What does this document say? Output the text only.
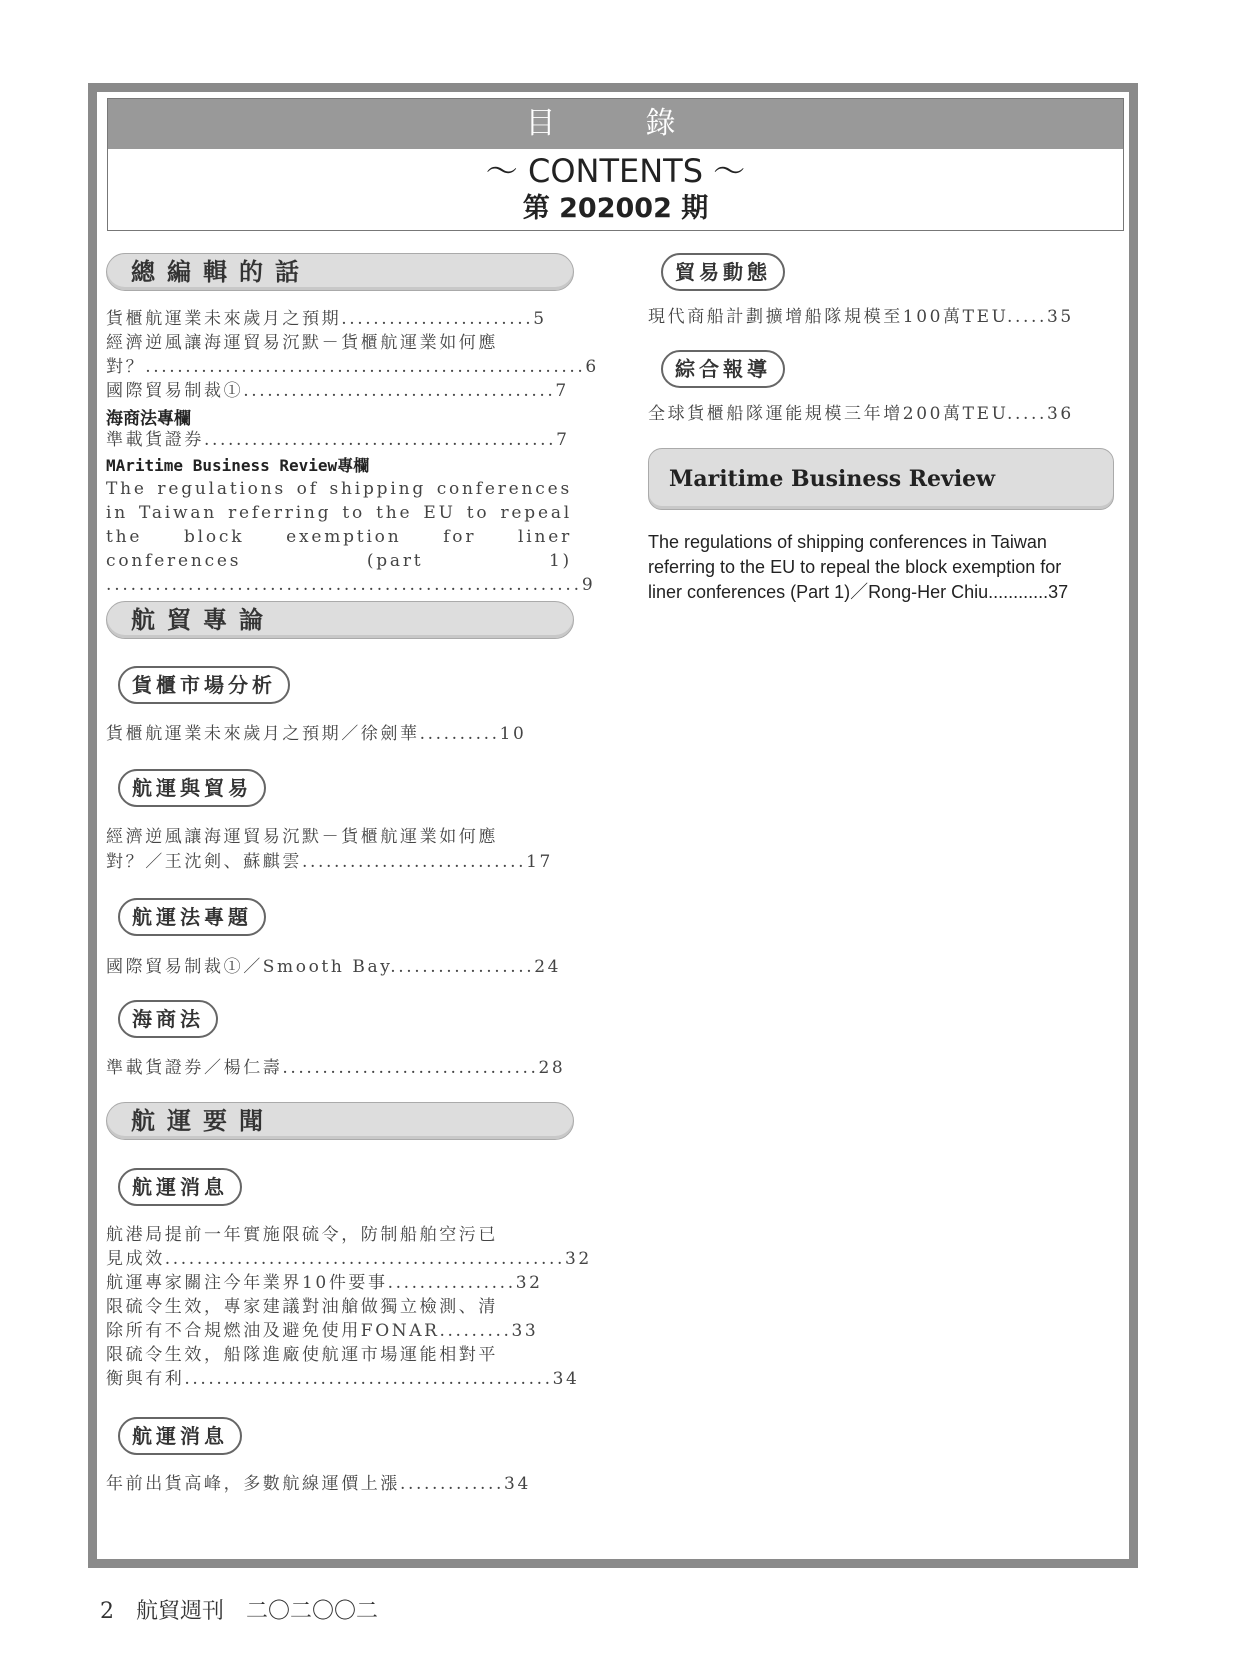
目　錄
～ CONTENTS ～
第 202002 期
總編輯的話
貨櫃航運業未來歲月之預期........................5
經濟逆風讓海運貿易沉默－貨櫃航運業如何應
對？.......................................................6
國際貿易制裁①.......................................7
海商法專欄
準載貨證券............................................7
MAritime Business Review專欄
The regulations of shipping conferences in Taiwan referring to the EU to repeal the block exemption for liner conferences (part 1) ..........................................................9
航貿專論
貨櫃市場分析
貨櫃航運業未來歲月之預期／徐劍華..........10
航運與貿易
經濟逆風讓海運貿易沉默－貨櫃航運業如何應
對？／王沈剣、蘇麒雲............................17
航運法專題
國際貿易制裁①／Smooth Bay..................24
海商法
準載貨證券／楊仁壽................................28
航運要聞
航運消息
航港局提前一年實施限硫令，防制船舶空污已
見成效..................................................32
航運專家關注今年業界10件要事................32
限硫令生效，專家建議對油艙做獨立檢測、清
除所有不合規燃油及避免使用FONAR.........33
限硫令生效，船隊進廠使航運市場運能相對平
衡與有利..............................................34
航運消息
年前出貨高峰，多數航線運價上漲.............34
貿易動態
現代商船計劃擴增船隊規模至100萬TEU.....35
綜合報導
全球貨櫃船隊運能規模三年增200萬TEU.....36
Maritime Business Review
The regulations of shipping conferences in Taiwan
referring to the EU to repeal the block exemption for
liner conferences (Part 1)／Rong-Her Chiu............37
2　航貿週刊　二〇二〇〇二
